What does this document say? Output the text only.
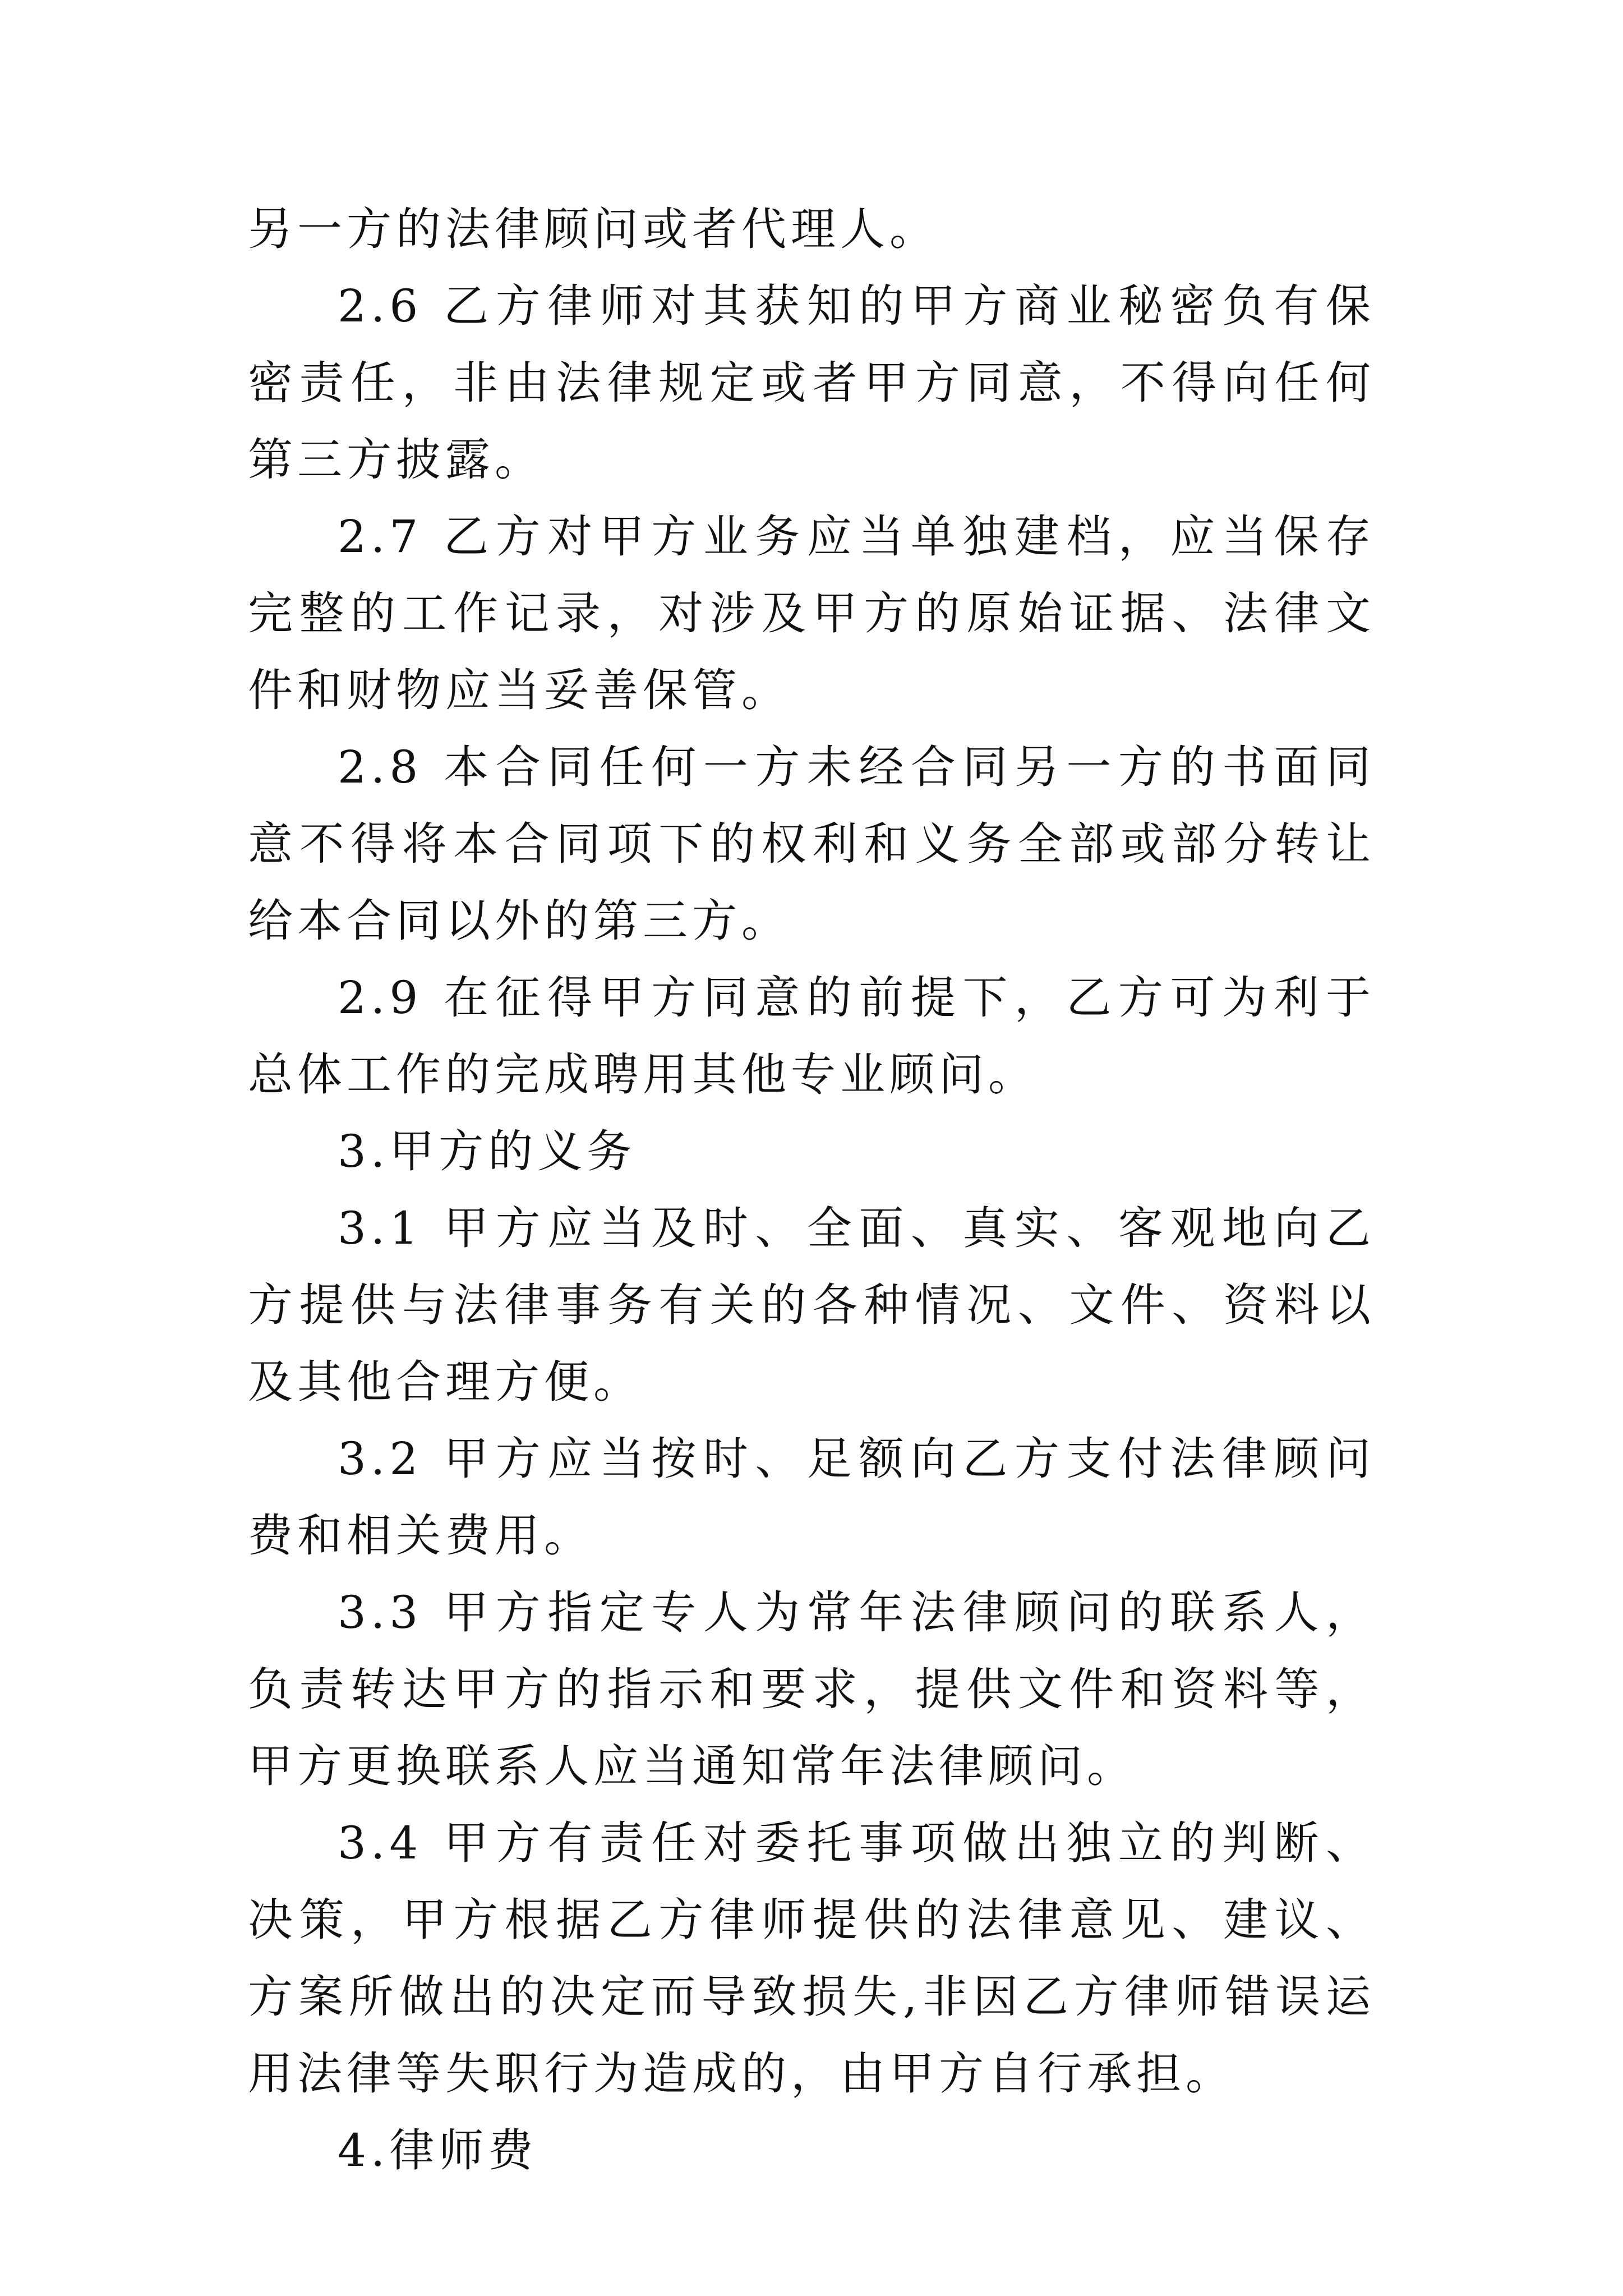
另一方的法律顾问或者代理人。

2.6 乙方律师对其获知的甲方商业秘密负有保密责任，非由法律规定或者甲方同意，不得向任何第三方披露。

2.7 乙方对甲方业务应当单独建档，应当保存完整的工作记录，对涉及甲方的原始证据、法律文件和财物应当妥善保管。

2.8 本合同任何一方未经合同另一方的书面同意不得将本合同项下的权利和义务全部或部分转让给本合同以外的第三方。

2.9 在征得甲方同意的前提下，乙方可为利于总体工作的完成聘用其他专业顾问。

3.甲方的义务

3.1 甲方应当及时、全面、真实、客观地向乙方提供与法律事务有关的各种情况、文件、资料以及其他合理方便。

3.2 甲方应当按时、足额向乙方支付法律顾问费和相关费用。

3.3 甲方指定专人为常年法律顾问的联系人，负责转达甲方的指示和要求，提供文件和资料等，甲方更换联系人应当通知常年法律顾问。

3.4 甲方有责任对委托事项做出独立的判断、决策，甲方根据乙方律师提供的法律意见、建议、方案所做出的决定而导致损失,非因乙方律师错误运用法律等失职行为造成的，由甲方自行承担。

4.律师费
